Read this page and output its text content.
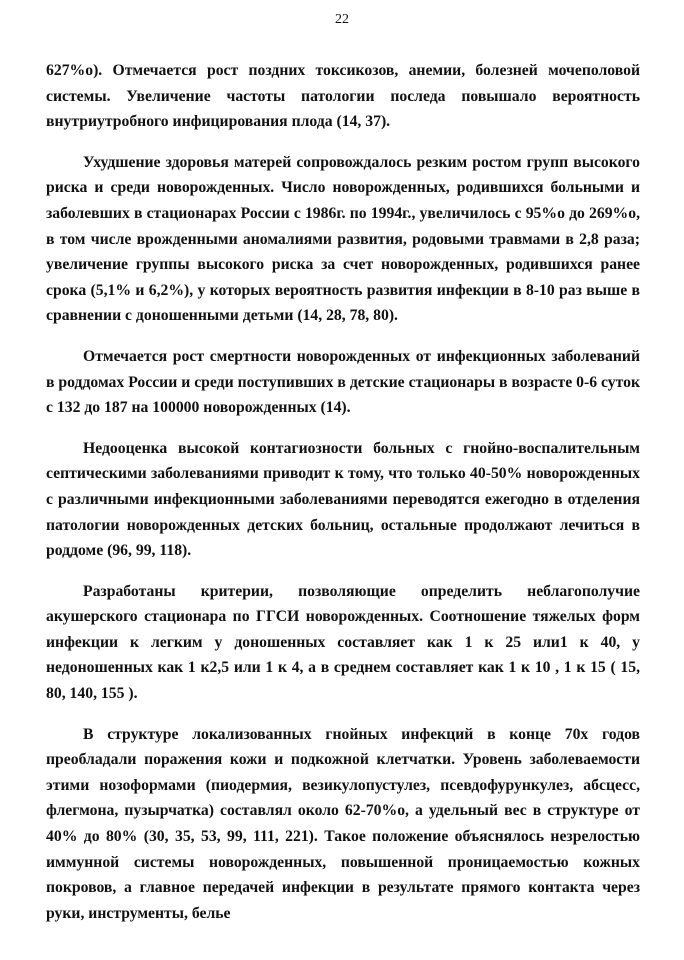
22

627%о). Отмечается рост поздних токсикозов, анемии, болезней мочеполовой системы. Увеличение частоты патологии последа повышало вероятность внутриутробного инфицирования плода (14, 37).

Ухудшение здоровья матерей сопровождалось резким ростом групп высокого риска и среди новорожденных. Число новорожденных, родившихся больными и заболевших в стационарах России с 1986г. по 1994г., увеличилось с 95%о до 269%о, в том числе врожденными аномалиями развития, родовыми травмами в 2,8 раза; увеличение группы высокого риска за счет новорожденных, родившихся ранее срока (5,1% и 6,2%), у которых вероятность развития инфекции в 8-10 раз выше в сравнении с доношенными детьми (14, 28, 78, 80).

Отмечается рост смертности новорожденных от инфекционных заболеваний в роддомах России и среди поступивших в детские стационары в возрасте 0-6 суток с 132 до 187 на 100000 новорожденных (14).

Недооценка высокой контагиозности больных с гнойно-воспалительным септическими заболеваниями приводит к тому, что только 40-50% новорожденных с различными инфекционными заболеваниями переводятся ежегодно в отделения патологии новорожденных детских больниц, остальные продолжают лечиться в роддоме (96, 99, 118).

Разработаны критерии, позволяющие определить неблагополучие акушерского стационара по ГГСИ новорожденных. Соотношение тяжелых форм инфекции к легким у доношенных составляет как 1 к 25 или1 к 40, у недоношенных как 1 к2,5 или 1 к 4, а в среднем составляет как 1 к 10 , 1 к 15 ( 15, 80, 140, 155 ).

В структуре локализованных гнойных инфекций в конце 70х годов преобладали поражения кожи и подкожной клетчатки. Уровень заболеваемости этими нозоформами (пиодермия, везикулопустулез, псевдофурункулез, абсцесс, флегмона, пузырчатка) составлял около 62-70%о, а удельный вес в структуре от 40% до 80% (30, 35, 53, 99, 111, 221). Такое положение объяснялось незрелостью иммунной системы новорожденных, повышенной проницаемостью кожных покровов, а главное передачей инфекции в результате прямого контакта через руки, инструменты, белье
